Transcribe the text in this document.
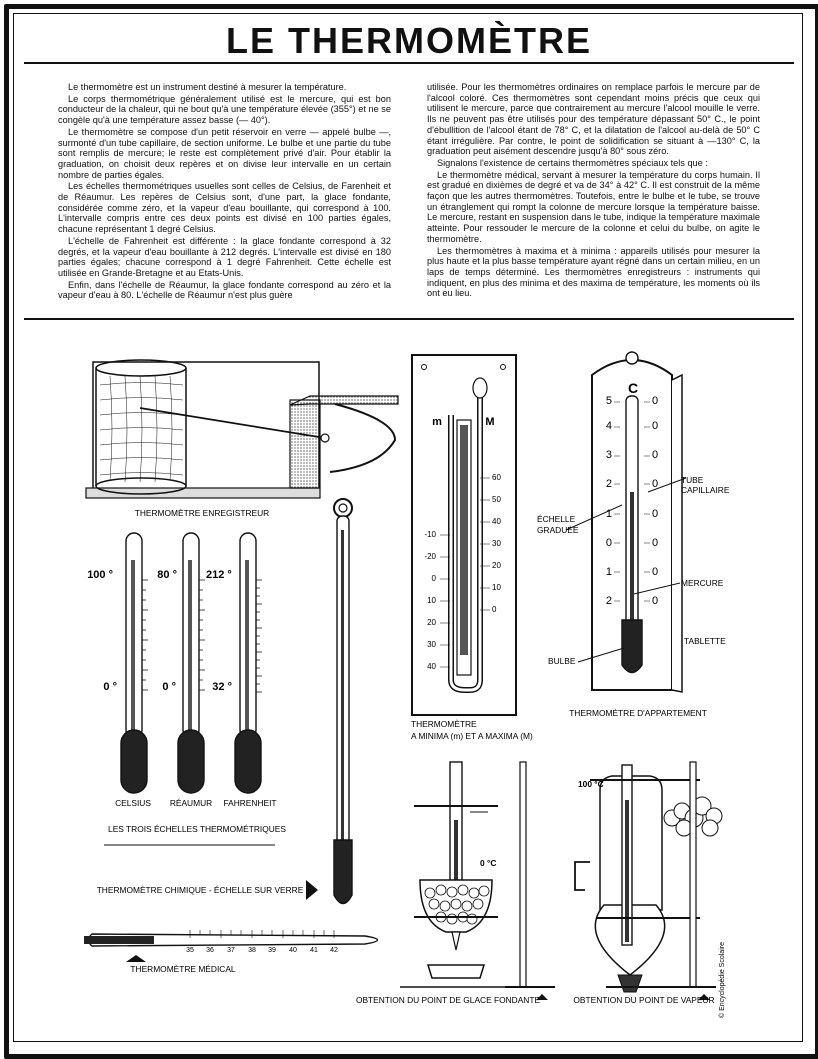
LE THERMOMÈTRE

Le thermomètre est un instrument destiné à mesurer la température.

Le corps thermométrique généralement utilisé est le mercure, qui est bon conducteur de la chaleur, qui ne bout qu'à une température élevée (355°) et ne se congèle qu'à une température assez basse (— 40°).

Le thermomètre se compose d'un petit réservoir en verre — appelé bulbe —, surmonté d'un tube capillaire, de section uniforme. Le bulbe et une partie du tube sont remplis de mercure; le reste est complètement privé d'air. Pour établir la graduation, on choisit deux repères et on divise leur intervalle en un certain nombre de parties égales.

Les échelles thermométriques usuelles sont celles de Celsius, de Farenheit et de Réaumur. Les repères de Celsius sont, d'une part, la glace fondante, considérée comme zéro, et la vapeur d'eau bouillante, qui correspond à 100. L'intervalle compris entre ces deux points est divisé en 100 parties égales, chacune représentant 1 degré Celsius.

L'échelle de Fahrenheit est différente : la glace fondante correspond à 32 degrés, et la vapeur d'eau bouillante à 212 degrés. L'intervalle est divisé en 180 parties égales; chacune correspond à 1 degré Fahrenheit. Cette échelle est utilisée en Grande-Bretagne et au Etats-Unis.

Enfin, dans l'échelle de Réaumur, la glace fondante correspond au zéro et la vapeur d'eau à 80. L'échelle de Réaumur n'est plus guère

utilisée. Pour les thermomètres ordinaires on remplace parfois le mercure par de l'alcool coloré. Ces thermomètres sont cependant moins précis que ceux qui utilisent le mercure, parce que contrairement au mercure l'alcool mouille le verre. Ils ne peuvent pas être utilisés pour des température dépassant 50° C., le point d'ébullition de l'alcool étant de 78° C, et la dilatation de l'alcool au-delà de 50° C étant irrégulière. Par contre, le point de solidification se situant à —130° C, la graduation peut aisément descendre jusqu'à 80° sous zéro.

Signalons l'existence de certains thermomètres spéciaux tels que :

Le thermomètre médical, servant à mesurer la température du corps humain. Il est gradué en dixièmes de degré et va de 34° à 42° C. Il est construit de la même façon que les autres thermomètres. Toutefois, entre le bulbe et le tube, se trouve un étranglement qui rompt la colonne de mercure lorsque la température baisse. Le mercure, restant en suspension dans le tube, indique la température maximale atteinte. Pour ressouder le mercure de la colonne et celui du bulbe, on agite le thermomètre.

Les thermomètres à maxima et à minima : appareils utilisés pour mesurer la plus haute et la plus basse température ayant régné dans un certain milieu, en un laps de temps déterminé. Les thermomètres enregistreurs : instruments qui indiquent, en plus des minima et des maxima de température, les moments où ils ont eu lieu.

THERMOMÈTRE ENREGISTREUR
100 °	80 °	212 °
0 °	0 °	32 °
CELSIUS RÉAUMUR FAHRENHEIT
LES TROIS ÉCHELLES THERMOMÉTRIQUES
THERMOMÈTRE CHIMIQUE - ÉCHELLE SUR VERRE
35 36 37 38 39 40 41 42
THERMOMÈTRE MÉDICAL
m	M
-10
-20
0
10
20
30
40
60
50
40
30
20
10
0
THERMOMÈTRE
A MINIMA (m) ET A MAXIMA (M)
C
5
4
3
2
1
0
1
2
0
0
0
0
0
0
0
0
TUBE
CAPILLAIRE
ÉCHELLE
GRADUÉE
MERCURE
TABLETTE
BULBE
THERMOMÈTRE D'APPARTEMENT
0 °C
100 °C
OBTENTION DU POINT DE GLACE FONDANTE	OBTENTION DU POINT DE VAPEUR © Encyclopédie Scolaire
